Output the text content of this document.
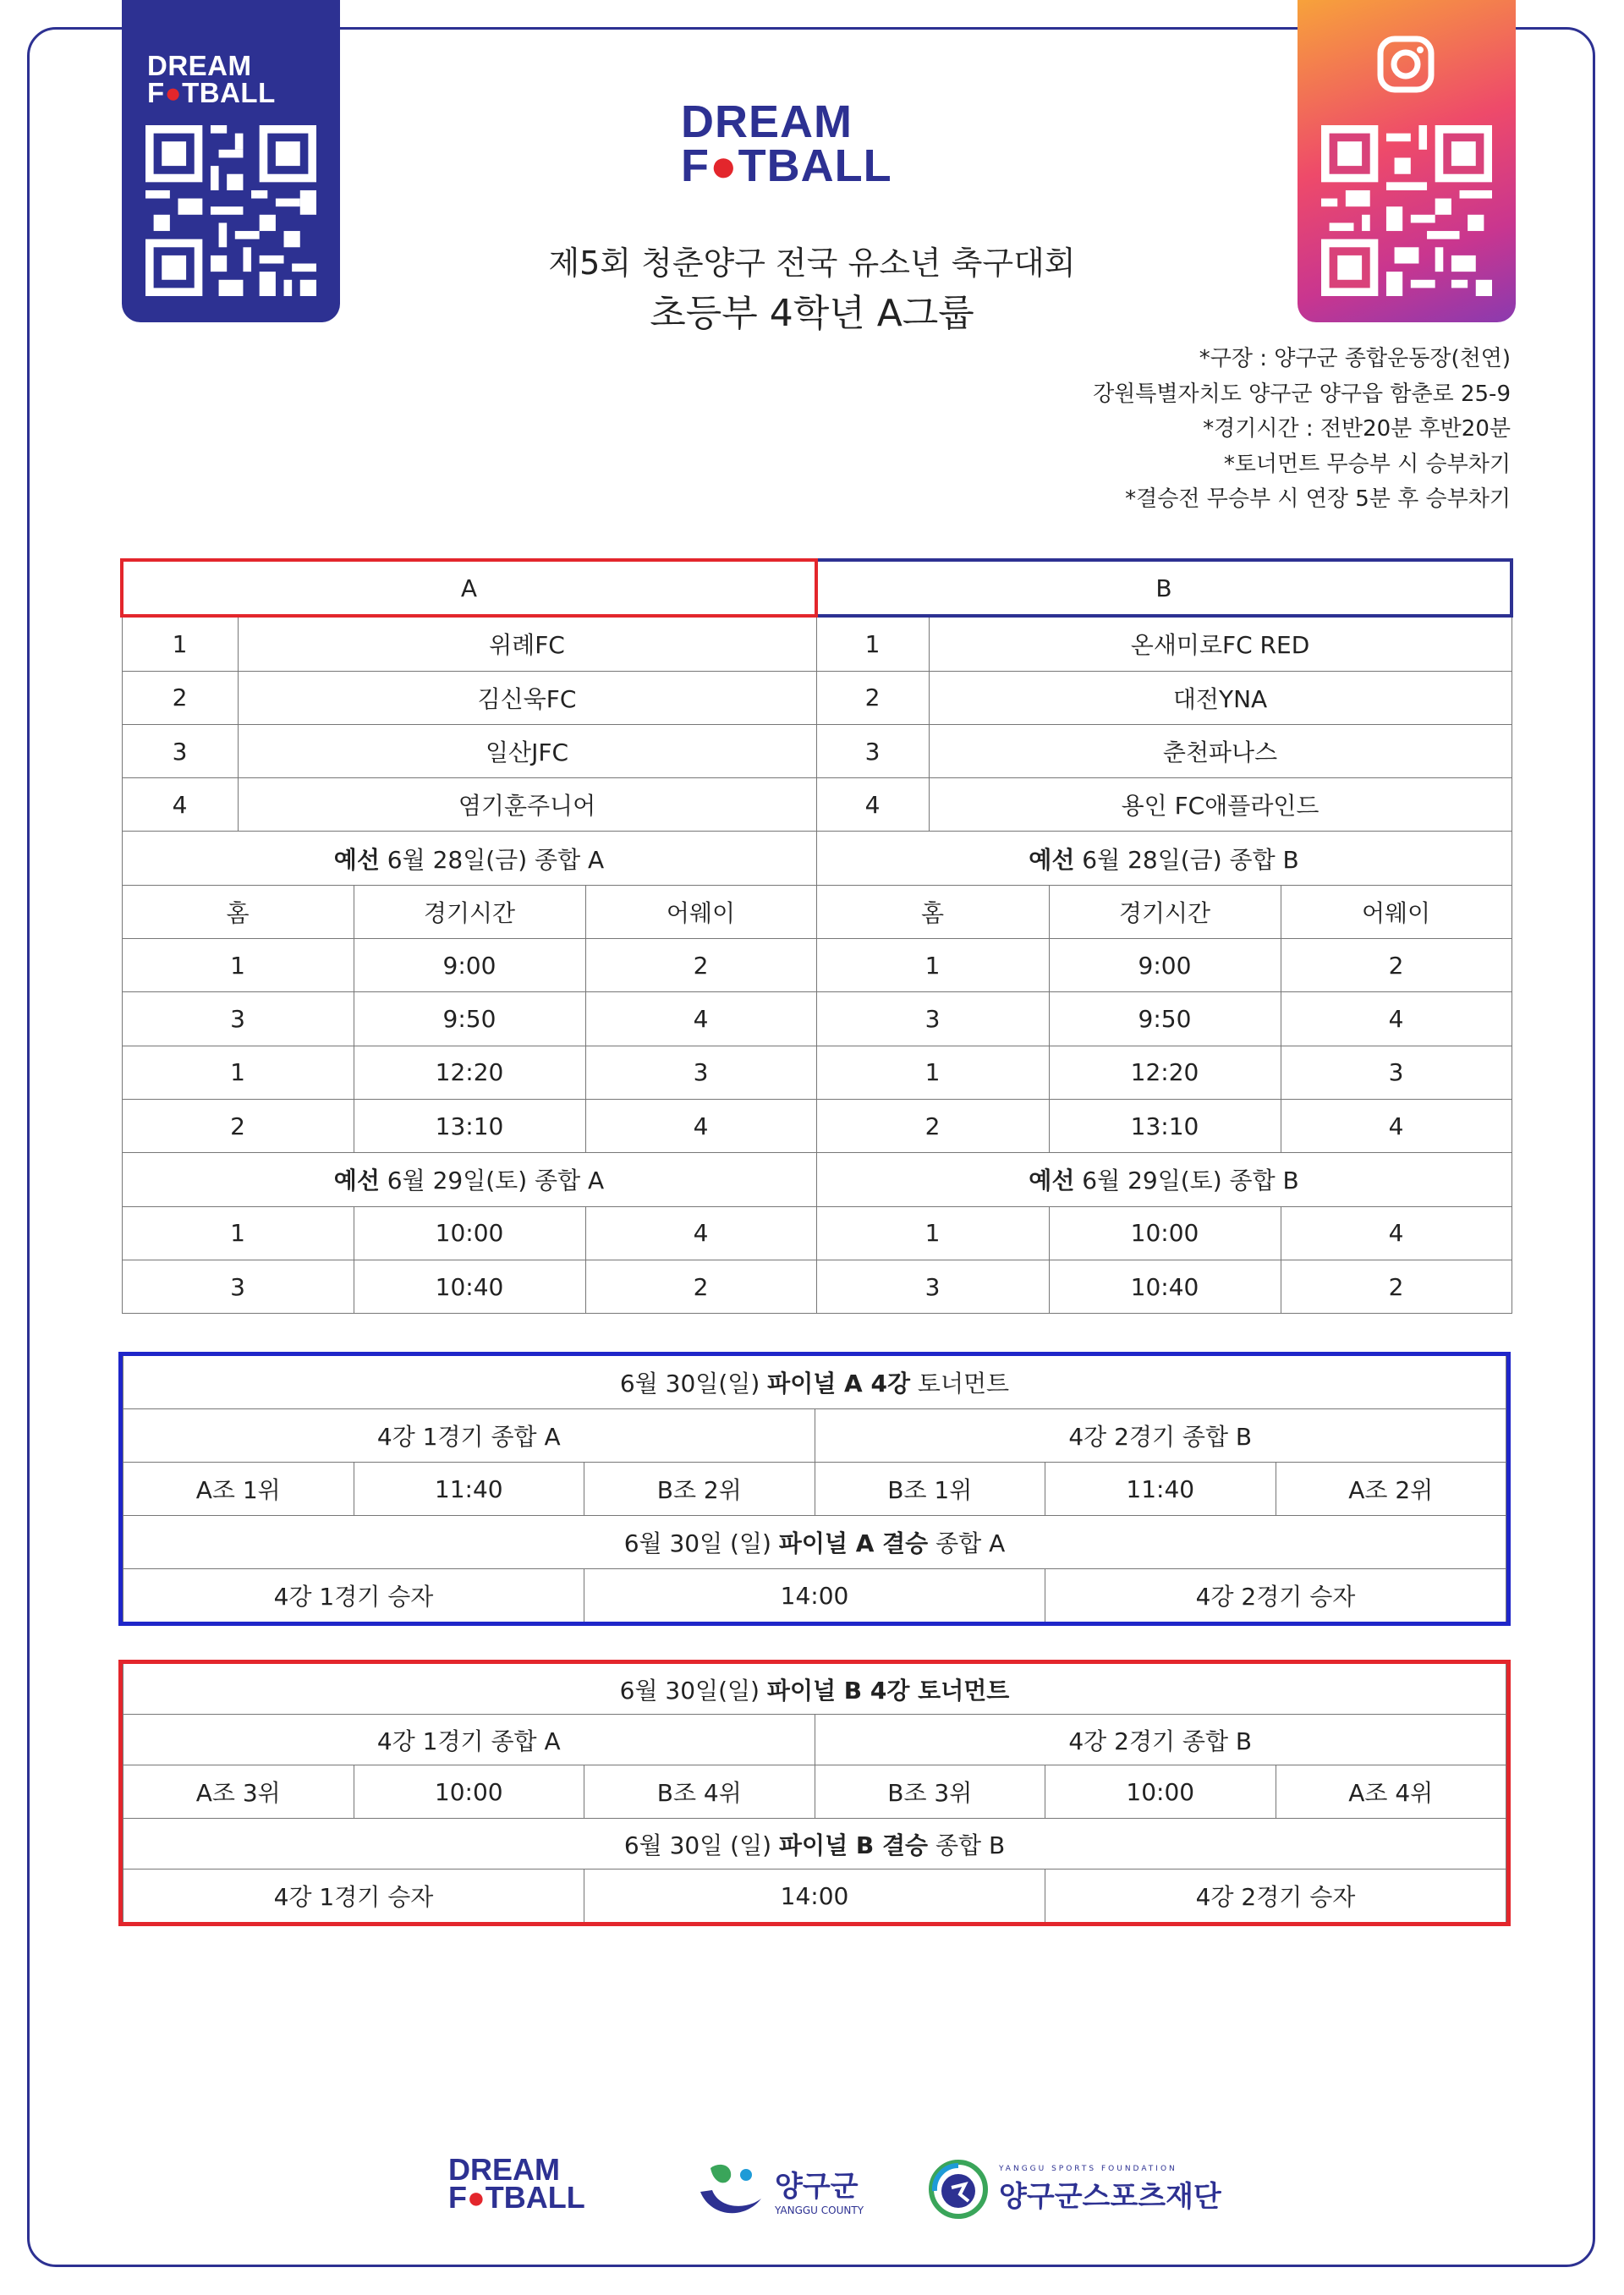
DREAM
F●TBALL
DREAM
F●TBALL
제5회 청춘양구 전국 유소년 축구대회
초등부 4학년 A그룹
*구장 : 양구군 종합운동장(천연)
강원특별자치도 양구군 양구읍 함춘로 25-9
*경기시간 : 전반20분 후반20분
*토너먼트 무승부 시 승부차기
*결승전 무승부 시 연장 5분 후 승부차기
A				B			
1	위례FC			1	온새미로FC RED		
2	김신욱FC			2	대전YNA		
3	일산JFC			3	춘천파나스		
4	염기훈주니어			4	용인 FC애플라인드		
예선 6월 28일(금) 종합 A				예선 6월 28일(금) 종합 B			
홈		경기시간	어웨이	홈		경기시간	어웨이
1		9:00	2	1		9:00	2
3		9:50	4	3		9:50	4
1		12:20	3	1		12:20	3
2		13:10	4	2		13:10	4
예선 6월 29일(토) 종합 A				예선 6월 29일(토) 종합 B			
1		10:00	4	1		10:00	4
3		10:40	2	3		10:40	2
6월 30일(일) 파이널 A 4강 토너먼트					
4강 1경기 종합 A			4강 2경기 종합 B		
A조 1위	11:40	B조 2위	B조 1위	11:40	A조 2위
6월 30일 (일) 파이널 A 결승 종합 A					
4강 1경기 승자		14:00		4강 2경기 승자	
6월 30일(일) 파이널 B 4강 토너먼트					
4강 1경기 종합 A			4강 2경기 종합 B		
A조 3위	10:00	B조 4위	B조 3위	10:00	A조 4위
6월 30일 (일) 파이널 B 결승 종합 B					
4강 1경기 승자		14:00		4강 2경기 승자	
DREAM
F●TBALL	양구군
YANGGU COUNTY
YANGGU SPORTS FOUNDATION
양구군스포츠재단
